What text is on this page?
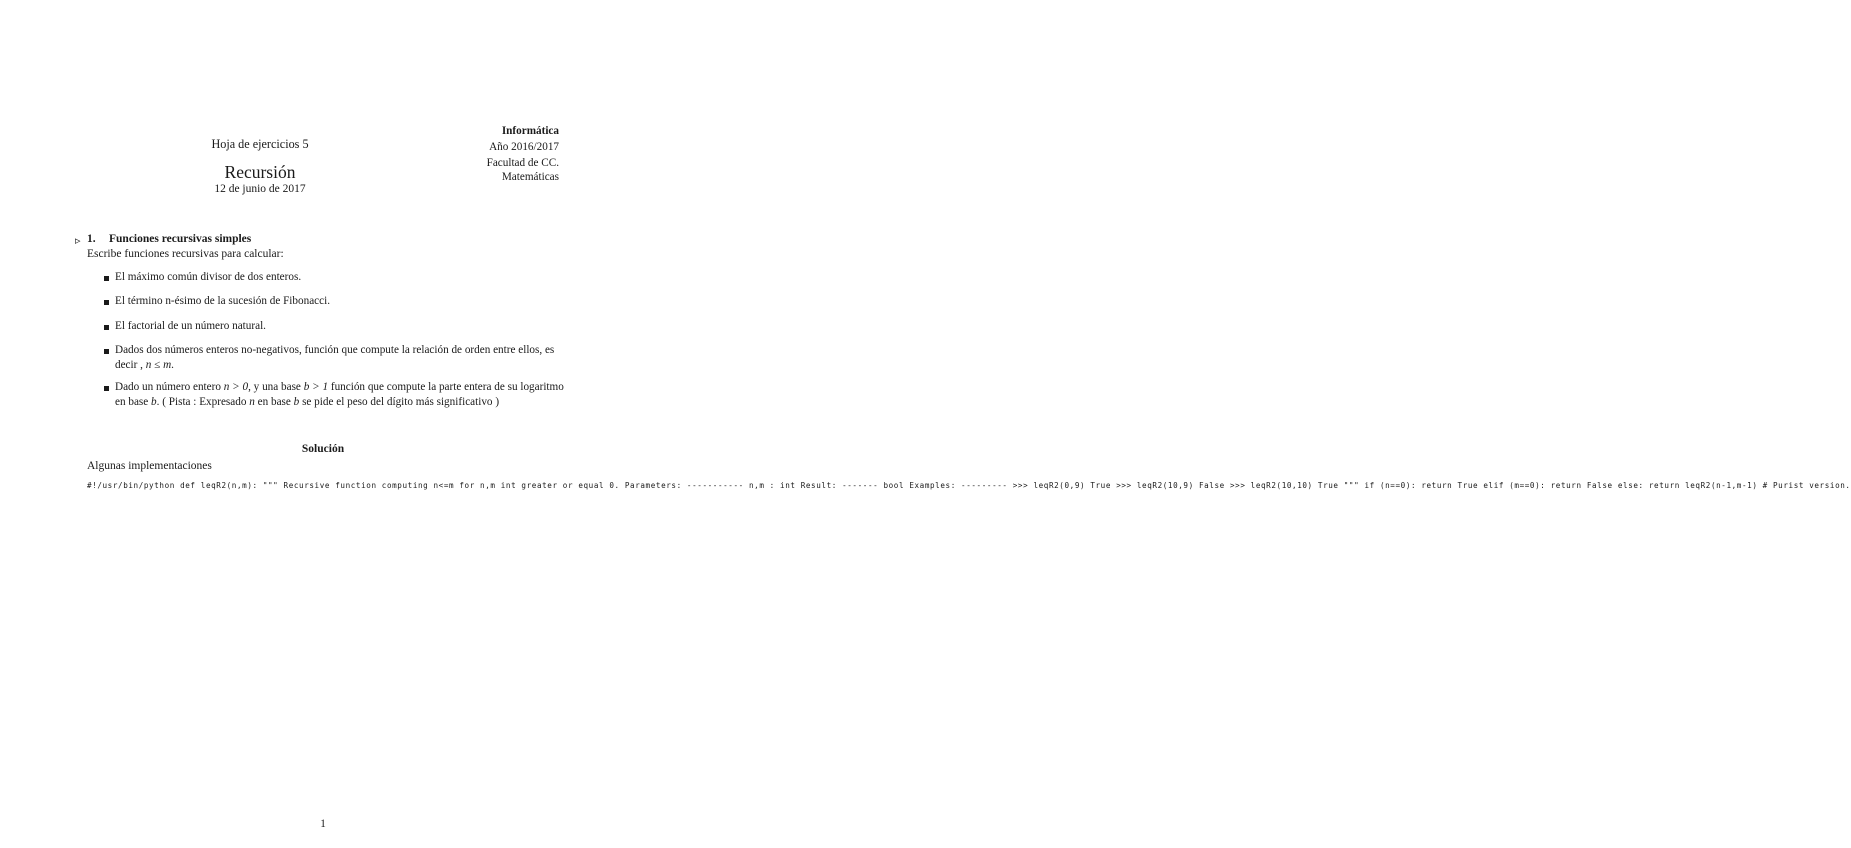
Hoja de ejercicios 5
Recursión
12 de junio de 2017
Informática
Año 2016/2017
Facultad de CC.
Matemáticas
▹ 1. Funciones recursivas simples
Escribe funciones recursivas para calcular:
El máximo común divisor de dos enteros.
El término n-ésimo de la sucesión de Fibonacci.
El factorial de un número natural.
Dados dos números enteros no-negativos, función que compute la relación de orden entre ellos, es decir , n ≤ m.
Dado un número entero n > 0, y una base b > 1 función que compute la parte entera de su logaritmo en base b. ( Pista : Expresado n en base b se pide el peso del dígito más significativo )
Solución
Algunas implementaciones
#!/usr/bin/python def leqR2(n,m): """ Recursive function computing n<=m for n,m int greater or equal 0. Parameters: ----------- n,m : int Result: ------- bool Examples: --------- >>> leqR2(0,9) True >>> leqR2(10,9) False >>> leqR2(10,10) True """ if (n==0): return True elif (m==0): return False else: return leqR2(n-1,m-1) # Purist version.
1
